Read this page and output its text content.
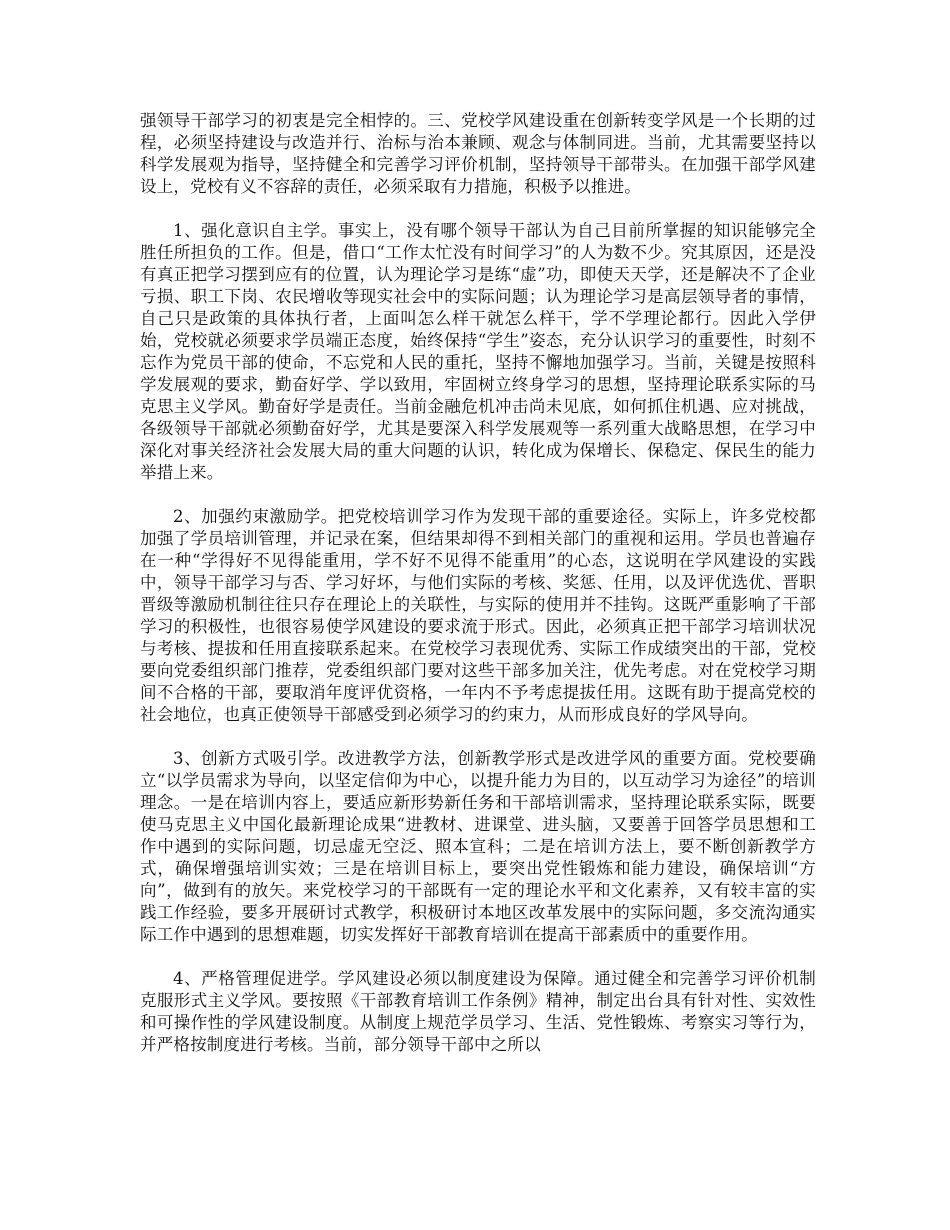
强领导干部学习的初衷是完全相悖的。三、党校学风建设重在创新转变学风是一个长期的过程，必须坚持建设与改造并行、治标与治本兼顾、观念与体制同进。当前，尤其需要坚持以科学发展观为指导，坚持健全和完善学习评价机制，坚持领导干部带头。在加强干部学风建设上，党校有义不容辞的责任，必须采取有力措施，积极予以推进。

1、强化意识自主学。事实上，没有哪个领导干部认为自己目前所掌握的知识能够完全胜任所担负的工作。但是，借口“工作太忙没有时间学习”的人为数不少。究其原因，还是没有真正把学习摆到应有的位置，认为理论学习是练“虚”功，即使天天学，还是解决不了企业亏损、职工下岗、农民增收等现实社会中的实际问题；认为理论学习是高层领导者的事情，自己只是政策的具体执行者，上面叫怎么样干就怎么样干，学不学理论都行。因此入学伊始，党校就必须要求学员端正态度，始终保持“学生”姿态，充分认识学习的重要性，时刻不忘作为党员干部的使命，不忘党和人民的重托，坚持不懈地加强学习。当前，关键是按照科学发展观的要求，勤奋好学、学以致用，牢固树立终身学习的思想，坚持理论联系实际的马克思主义学风。勤奋好学是责任。当前金融危机冲击尚未见底，如何抓住机遇、应对挑战，各级领导干部就必须勤奋好学，尤其是要深入科学发展观等一系列重大战略思想，在学习中深化对事关经济社会发展大局的重大问题的认识，转化成为保增长、保稳定、保民生的能力举措上来。

2、加强约束激励学。把党校培训学习作为发现干部的重要途径。实际上，许多党校都加强了学员培训管理，并记录在案，但结果却得不到相关部门的重视和运用。学员也普遍存在一种“学得好不见得能重用，学不好不见得不能重用”的心态，这说明在学风建设的实践中，领导干部学习与否、学习好坏，与他们实际的考核、奖惩、任用，以及评优选优、晋职晋级等激励机制往往只存在理论上的关联性，与实际的使用并不挂钩。这既严重影响了干部学习的积极性，也很容易使学风建设的要求流于形式。因此，必须真正把干部学习培训状况与考核、提拔和任用直接联系起来。在党校学习表现优秀、实际工作成绩突出的干部，党校要向党委组织部门推荐，党委组织部门要对这些干部多加关注，优先考虑。对在党校学习期间不合格的干部，要取消年度评优资格，一年内不予考虑提拔任用。这既有助于提高党校的社会地位，也真正使领导干部感受到必须学习的约束力，从而形成良好的学风导向。

3、创新方式吸引学。改进教学方法，创新教学形式是改进学风的重要方面。党校要确立“以学员需求为导向，以坚定信仰为中心，以提升能力为目的，以互动学习为途径”的培训理念。一是在培训内容上，要适应新形势新任务和干部培训需求，坚持理论联系实际，既要使马克思主义中国化最新理论成果“进教材、进课堂、进头脑，又要善于回答学员思想和工作中遇到的实际问题，切忌虚无空泛、照本宣科；二是在培训方法上，要不断创新教学方式，确保增强培训实效；三是在培训目标上，要突出党性锻炼和能力建设，确保培训“方向”，做到有的放矢。来党校学习的干部既有一定的理论水平和文化素养，又有较丰富的实践工作经验，要多开展研讨式教学，积极研讨本地区改革发展中的实际问题，多交流沟通实际工作中遇到的思想难题，切实发挥好干部教育培训在提高干部素质中的重要作用。

4、严格管理促进学。学风建设必须以制度建设为保障。通过健全和完善学习评价机制克服形式主义学风。要按照《干部教育培训工作条例》精神，制定出台具有针对性、实效性和可操作性的学风建设制度。从制度上规范学员学习、生活、党性锻炼、考察实习等行为，并严格按制度进行考核。当前，部分领导干部中之所以
